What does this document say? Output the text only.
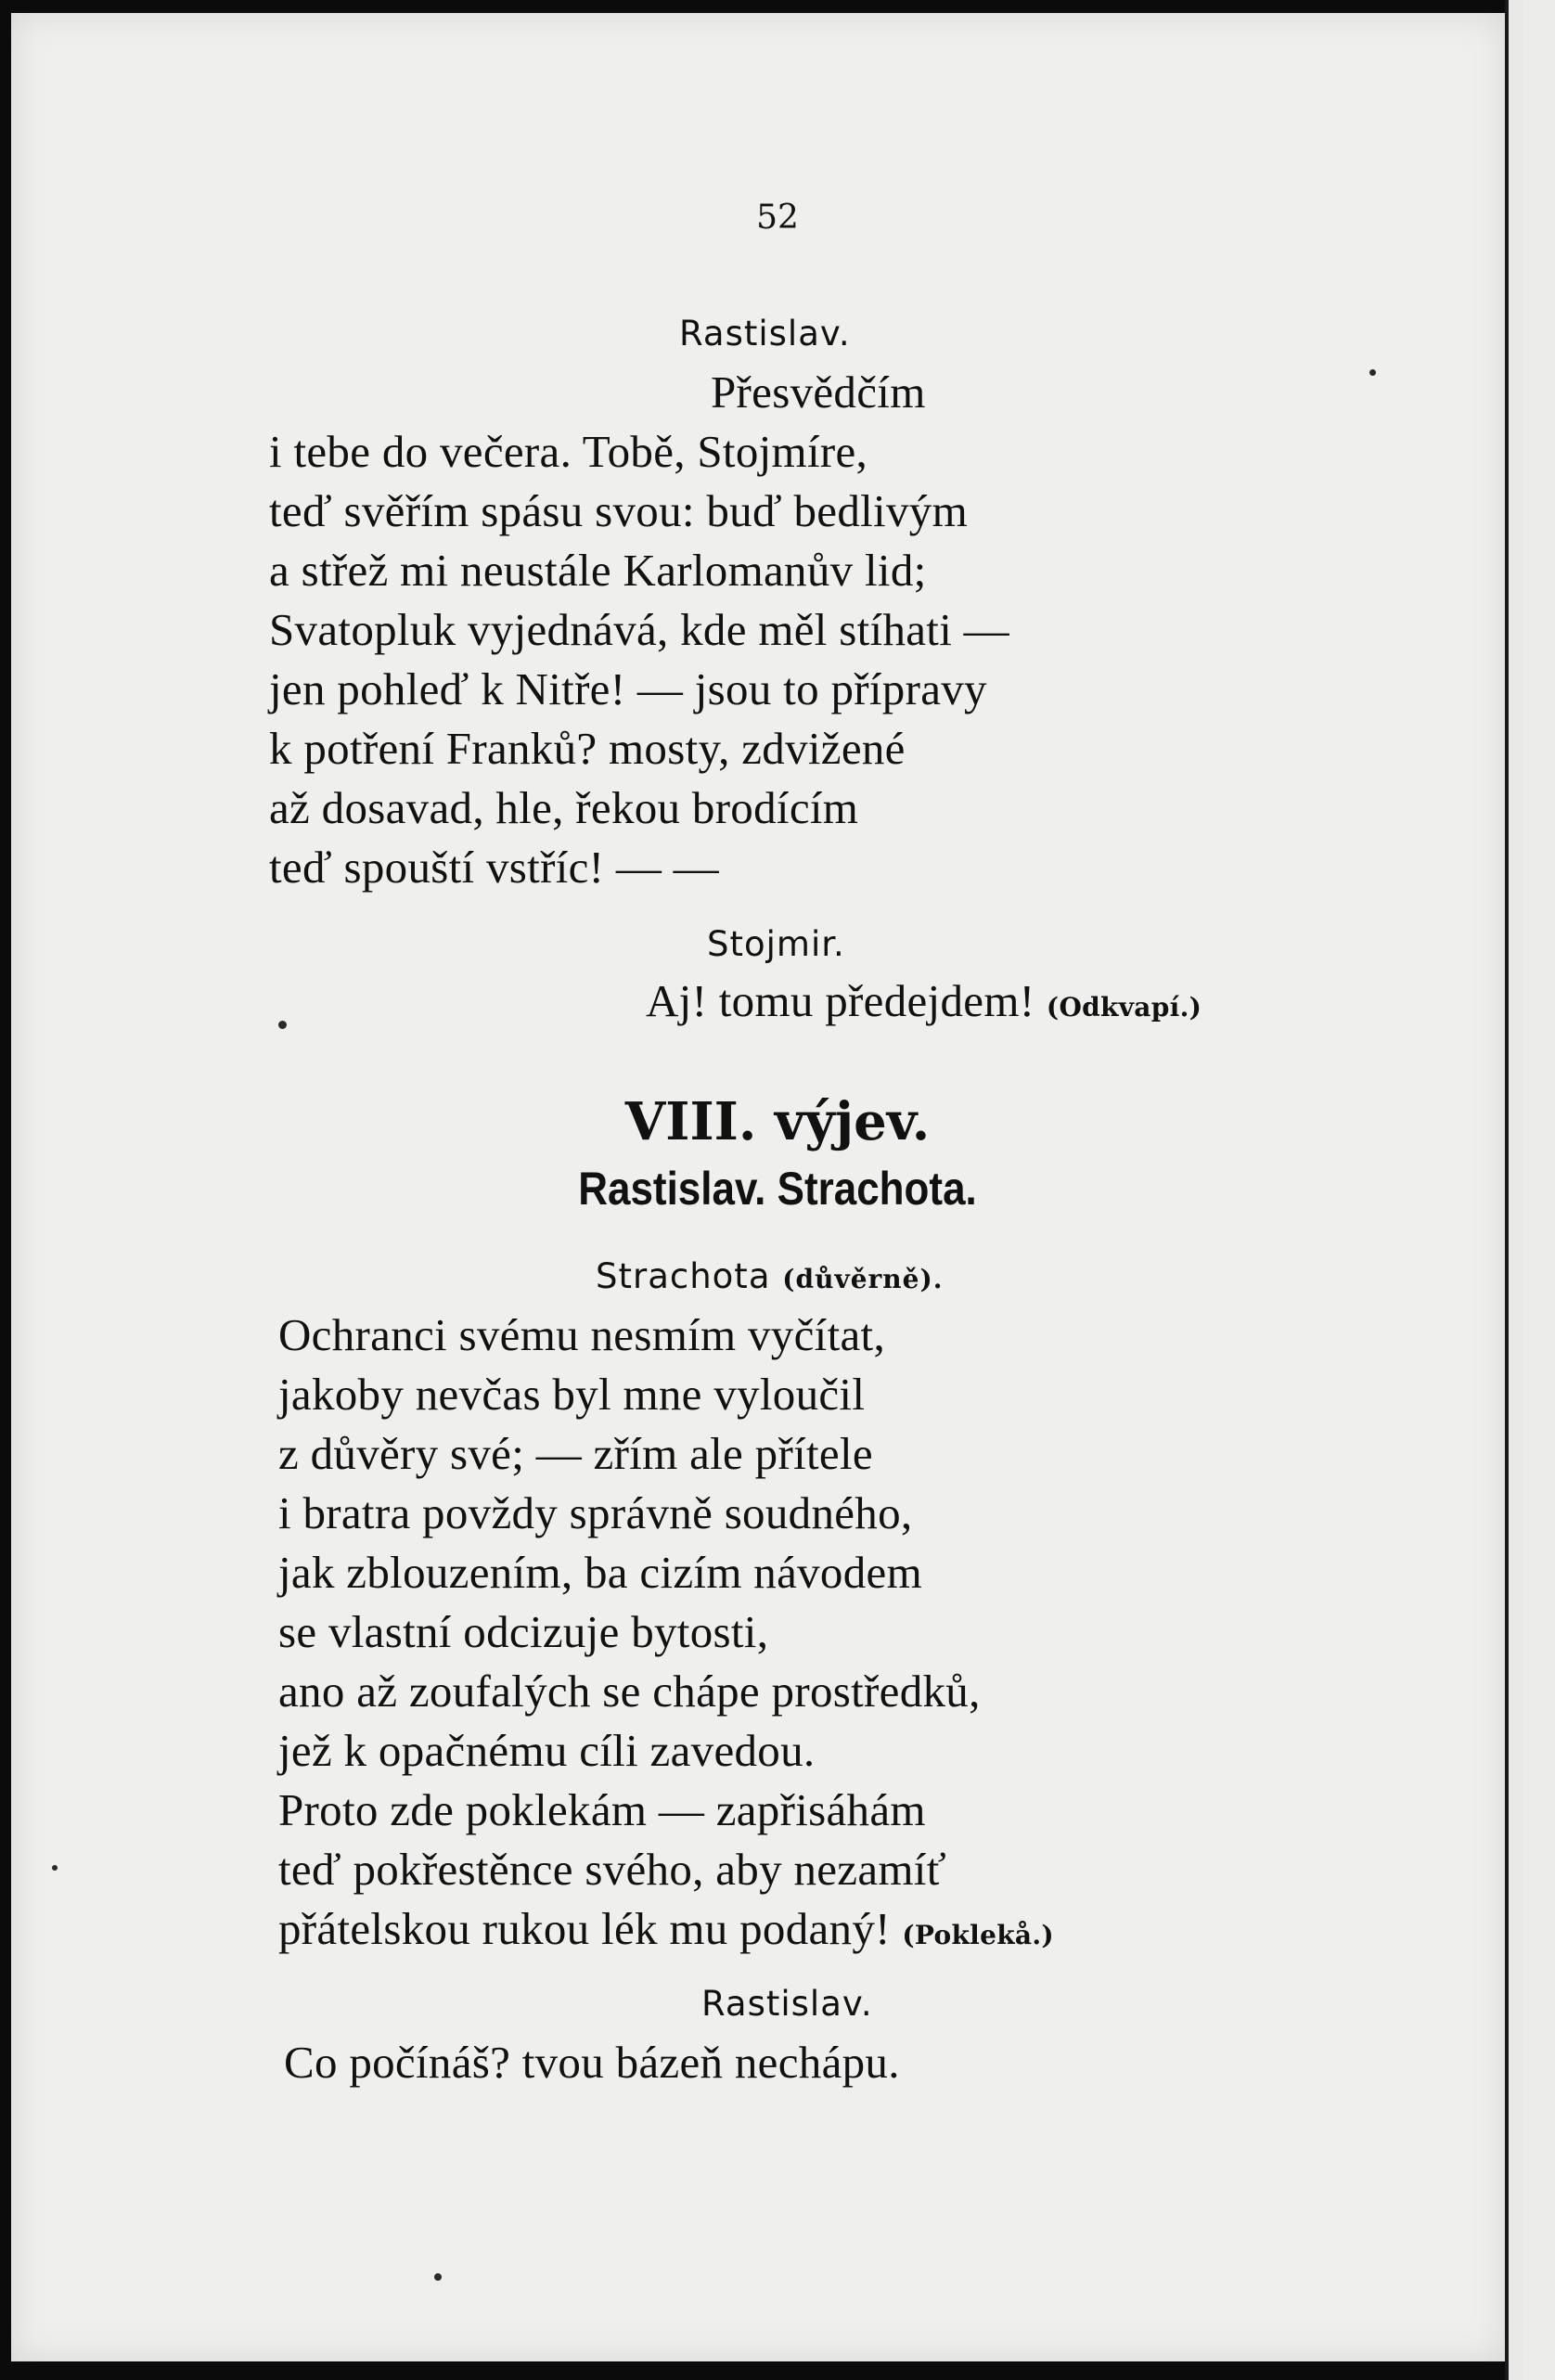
52
Rastislav.
Přesvědčím
i tebe do večera. Tobě, Stojmíre,
teď svěřím spásu svou: buď bedlivým
a střež mi neustále Karlomanův lid;
Svatopluk vyjednává, kde měl stíhati —
jen pohleď k Nitře! — jsou to přípravy
k potření Franků? mosty, zdvižené
až dosavad, hle, řekou brodícím
teď spouští vstříc! — —
Stojmir.
Aj! tomu předejdem! (Odkvapí.)
VIII. výjev.
Rastislav. Strachota.
Strachota (důvěrně).
Ochranci svému nesmím vyčítat,
jakoby nevčas byl mne vyloučil
z důvěry své; — zřím ale přítele
i bratra povždy správně soudného,
jak zblouzením, ba cizím návodem
se vlastní odcizuje bytosti,
ano až zoufalých se chápe prostředků,
jež k opačnému cíli zavedou.
Proto zde poklekám — zapřisáhám
teď pokřestěnce svého, aby nezamíť
přátelskou rukou lék mu podaný! (Poklekå.)
Rastislav.
Co počínáš? tvou bázeň nechápu.
